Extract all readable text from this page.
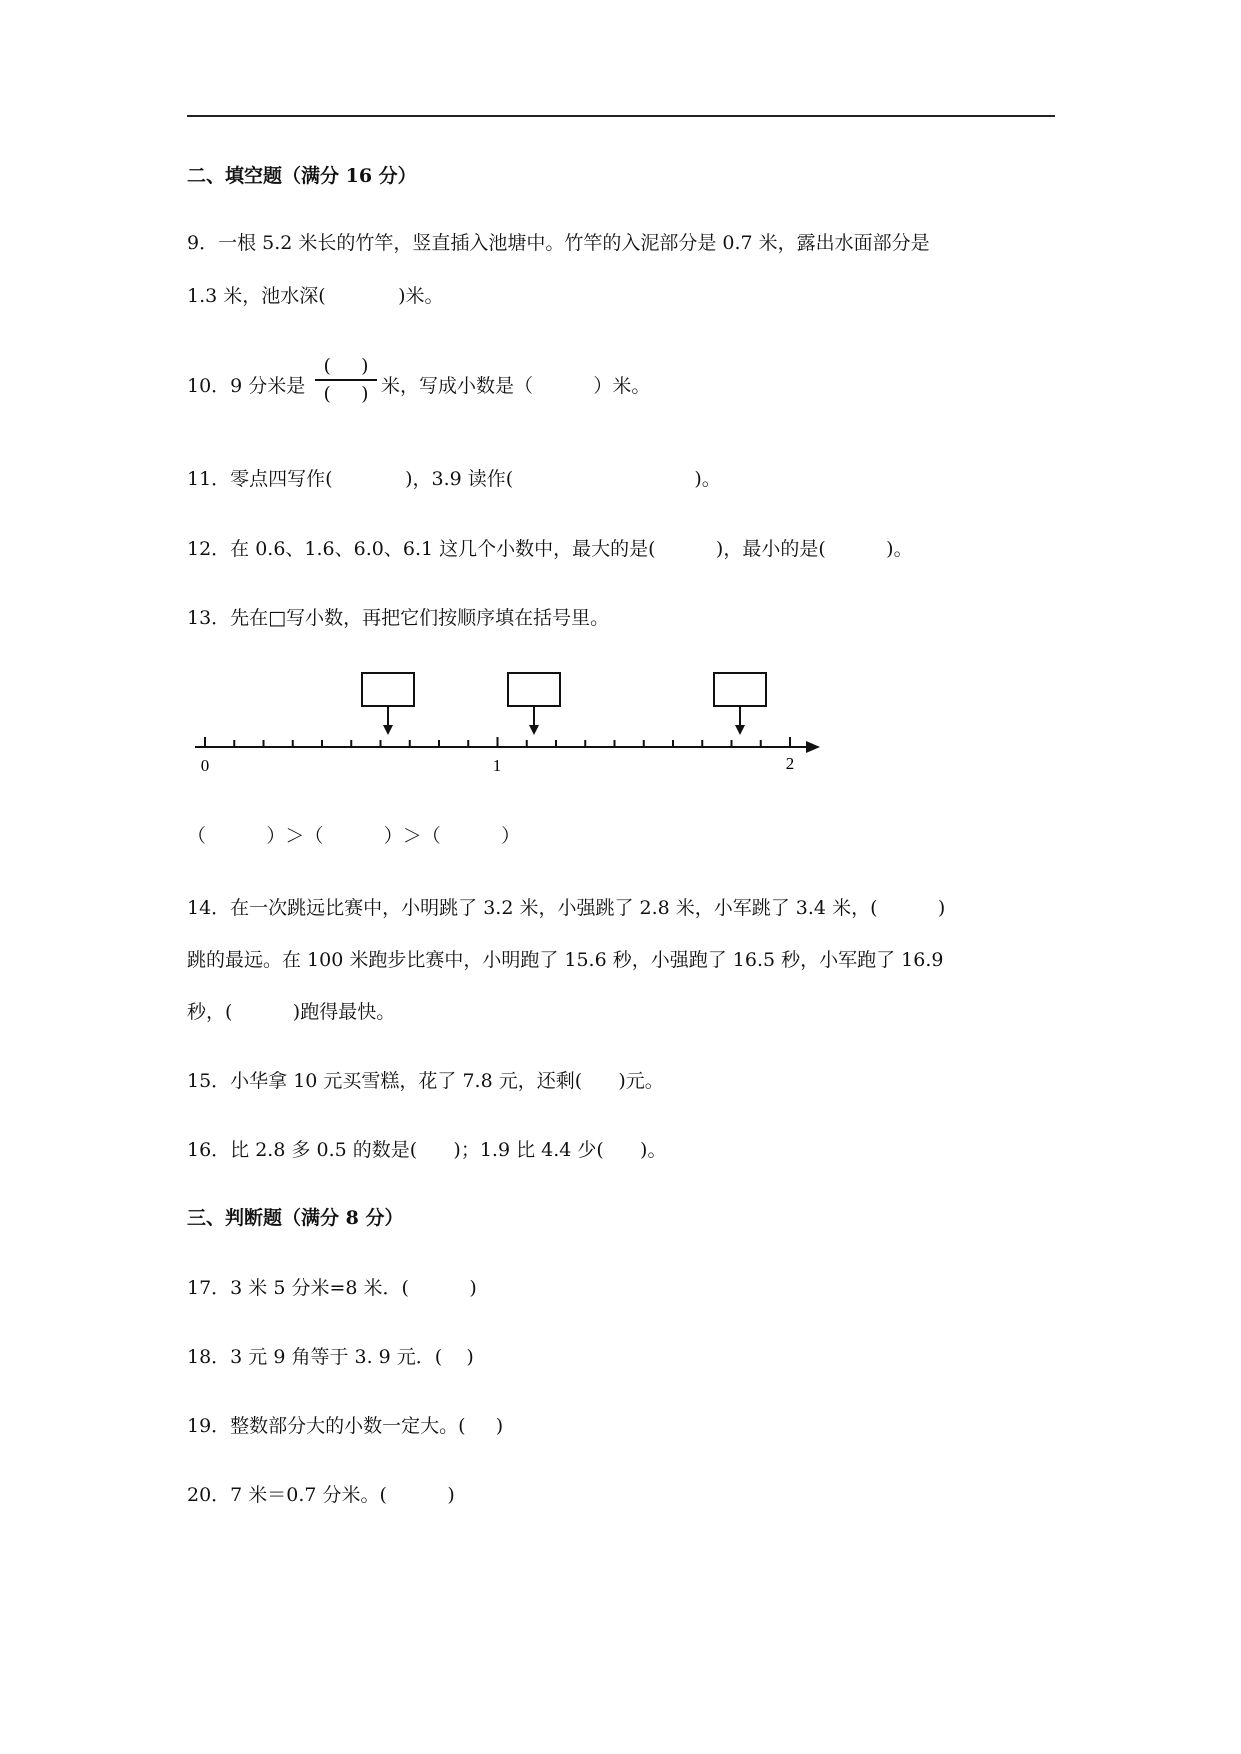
二、填空题（满分 16 分）
9．一根 5.2 米长的竹竿，竖直插入池塘中。竹竿的入泥部分是 0.7 米，露出水面部分是
1.3 米，池水深(            )米。
10．9 分米是
(     )
(     ) 米，写成小数是（          ）米。
11．零点四写作(            )，3.9 读作(                              )。
12．在 0.6、1.6、6.0、6.1 这几个小数中，最大的是(          )，最小的是(          )。
13．先在□写小数，再把它们按顺序填在括号里。
0	1	2
（          ）＞（          ）＞（          ）
14．在一次跳远比赛中，小明跳了 3.2 米，小强跳了 2.8 米，小军跳了 3.4 米，(          )
跳的最远。在 100 米跑步比赛中，小明跑了 15.6 秒，小强跑了 16.5 秒，小军跑了 16.9
秒，(          )跑得最快。
15．小华拿 10 元买雪糕，花了 7.8 元，还剩(      )元。
16．比 2.8 多 0.5 的数是(      )；1.9 比 4.4 少(      )。
三、判断题（满分 8 分）
17．3 米 5 分米=8 米．(          )
18．3 元 9 角等于 3. 9 元．(    )
19．整数部分大的小数一定大。(     )
20．7 米＝0.7 分米。(          )
